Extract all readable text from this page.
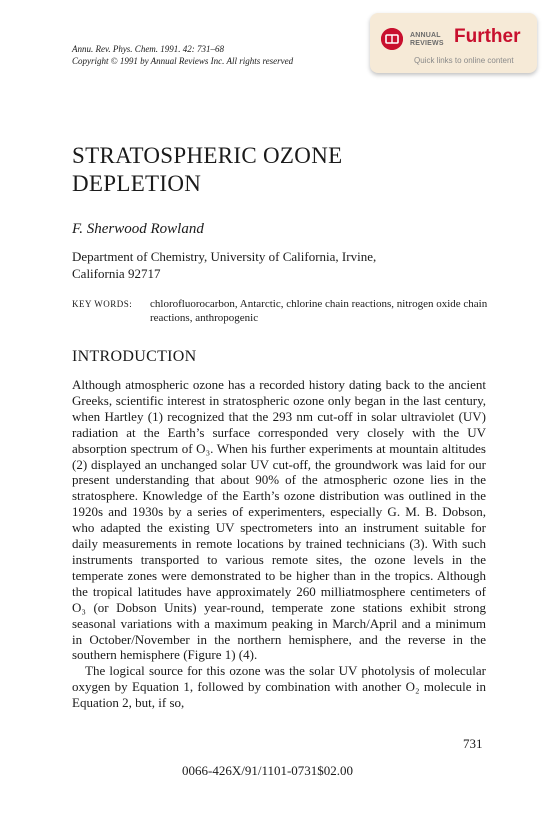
Annu. Rev. Phys. Chem. 1991. 42: 731–68
Copyright © 1991 by Annual Reviews Inc. All rights reserved
ANNUAL
REVIEWS Further
Quick links to online content
STRATOSPHERIC OZONE
DEPLETION
F. Sherwood Rowland
Department of Chemistry, University of California, Irvine,
California 92717
KEY WORDS: chlorofluorocarbon, Antarctic, chlorine chain reactions, nitrogen oxide chain reactions, anthropogenic
INTRODUCTION

Although atmospheric ozone has a recorded history dating back to the ancient Greeks, scientific interest in stratospheric ozone only began in the last century, when Hartley (1) recognized that the 293 nm cut-off in solar ultraviolet (UV) radiation at the Earth’s surface corresponded very closely with the UV absorption spectrum of O₃. When his further experiments at mountain altitudes (2) displayed an unchanged solar UV cut-off, the groundwork was laid for our present understanding that about 90% of the atmospheric ozone lies in the stratosphere. Knowledge of the Earth’s ozone distribution was outlined in the 1920s and 1930s by a series of experimenters, especially G. M. B. Dobson, who adapted the existing UV spectrometers into an instrument suitable for daily measurements in remote locations by trained technicians (3). With such instruments transported to various remote sites, the ozone levels in the temperate zones were demonstrated to be higher than in the tropics. Although the tropical latitudes have approximately 260 milliatmosphere centimeters of O₃ (or Dobson Units) year-round, temperate zone stations exhibit strong seasonal variations with a maximum peaking in March/April and a minimum in October/November in the northern hemisphere, and the reverse in the southern hemisphere (Figure 1) (4).

The logical source for this ozone was the solar UV photolysis of molecular oxygen by Equation 1, followed by combination with another O₂ molecule in Equation 2, but, if so,

731
0066-426X/91/1101-0731$02.00
